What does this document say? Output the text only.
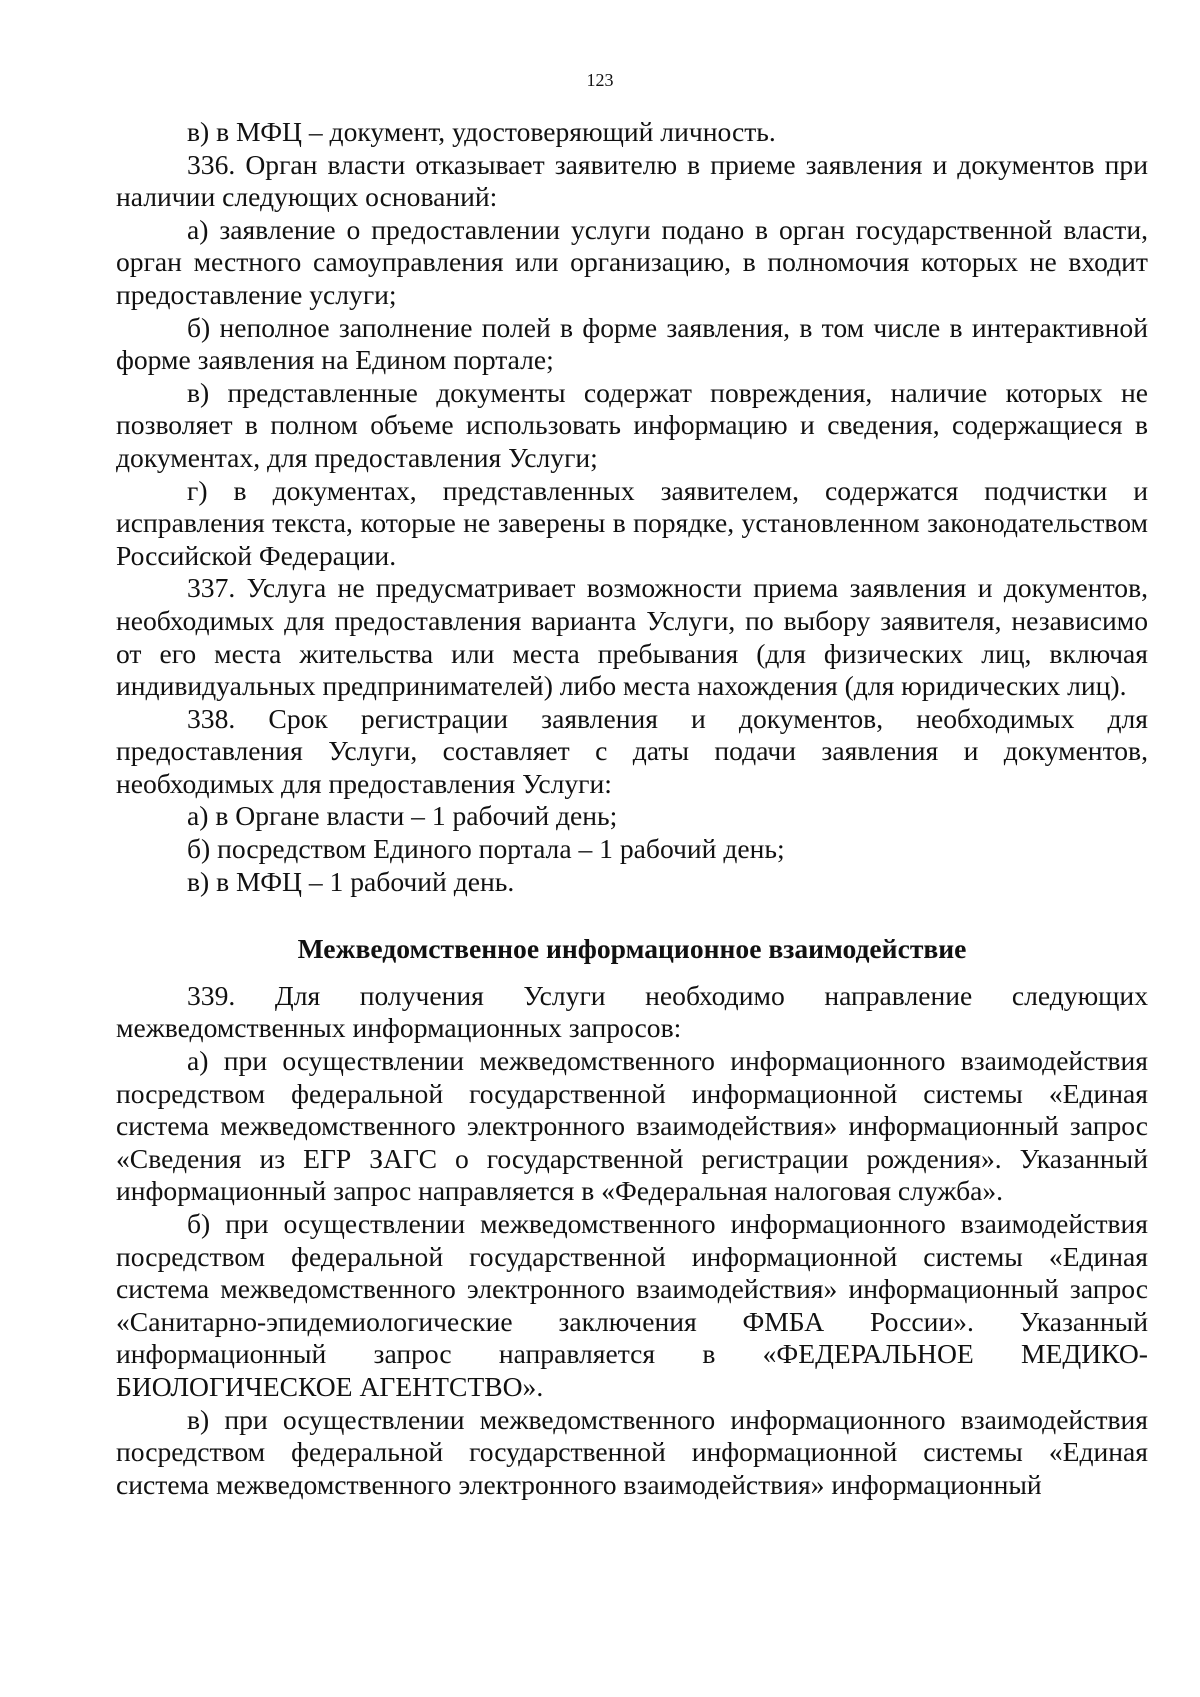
123

в) в МФЦ – документ, удостоверяющий личность.

336. Орган власти отказывает заявителю в приеме заявления и документов при наличии следующих оснований:

а) заявление о предоставлении услуги подано в орган государственной власти, орган местного самоуправления или организацию, в полномочия которых не входит предоставление услуги;

б) неполное заполнение полей в форме заявления, в том числе в интерактивной форме заявления на Едином портале;

в) представленные документы содержат повреждения, наличие которых не позволяет в полном объеме использовать информацию и сведения, содержащиеся в документах, для предоставления Услуги;

г) в документах, представленных заявителем, содержатся подчистки и исправления текста, которые не заверены в порядке, установленном законодательством Российской Федерации.

337. Услуга не предусматривает возможности приема заявления и документов, необходимых для предоставления варианта Услуги, по выбору заявителя, независимо от его места жительства или места пребывания (для физических лиц, включая индивидуальных предпринимателей) либо места нахождения (для юридических лиц).

338. Срок регистрации заявления и документов, необходимых для предоставления Услуги, составляет с даты подачи заявления и документов, необходимых для предоставления Услуги:

а) в Органе власти – 1 рабочий день;

б) посредством Единого портала – 1 рабочий день;

в) в МФЦ – 1 рабочий день.

Межведомственное информационное взаимодействие

339. Для получения Услуги необходимо направление следующих межведомственных информационных запросов:

а) при осуществлении межведомственного информационного взаимодействия посредством федеральной государственной информационной системы «Единая система межведомственного электронного взаимодействия» информационный запрос «Сведения из ЕГР ЗАГС о государственной регистрации рождения». Указанный информационный запрос направляется в «Федеральная налоговая служба».

б) при осуществлении межведомственного информационного взаимодействия посредством федеральной государственной информационной системы «Единая система межведомственного электронного взаимодействия» информационный запрос «Санитарно-эпидемиологические заключения ФМБА России». Указанный информационный запрос направляется в «ФЕДЕРАЛЬНОЕ МЕДИКО-БИОЛОГИЧЕСКОЕ АГЕНТСТВО».

в) при осуществлении межведомственного информационного взаимодействия посредством федеральной государственной информационной системы «Единая система межведомственного электронного взаимодействия» информационный
